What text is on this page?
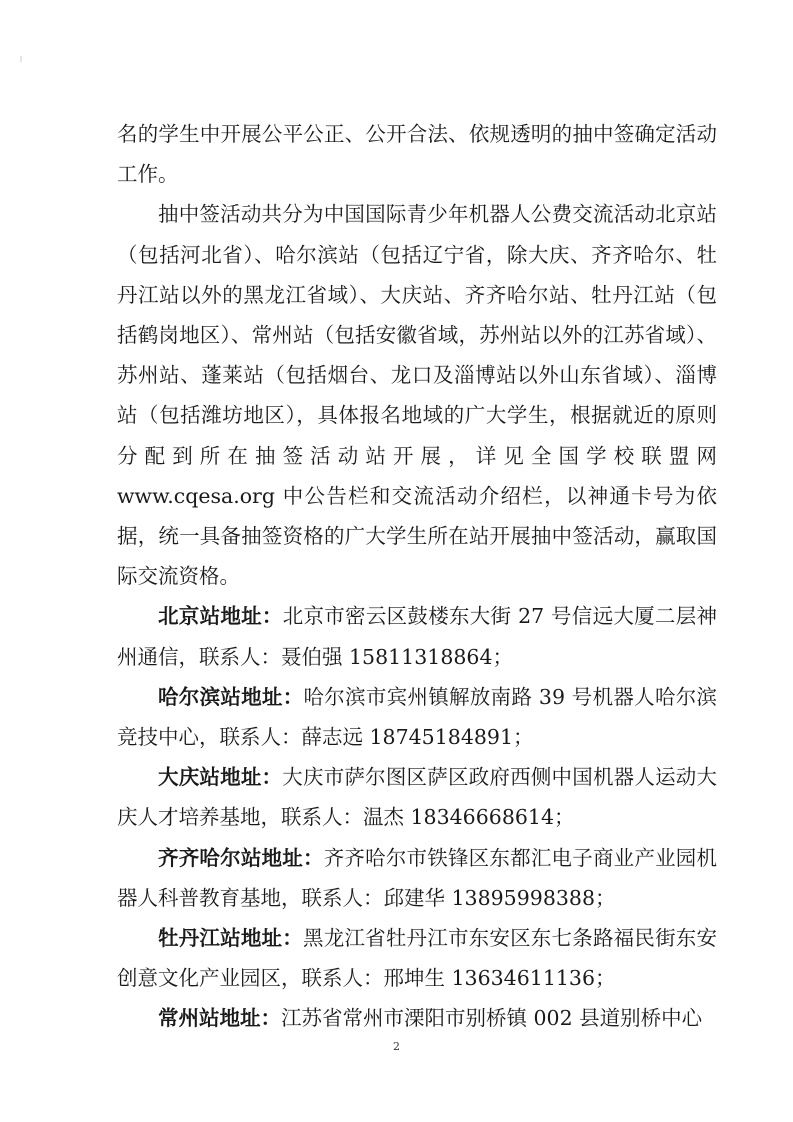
名的学生中开展公平公正、公开合法、依规透明的抽中签确定活动工作。

抽中签活动共分为中国国际青少年机器人公费交流活动北京站（包括河北省）、哈尔滨站（包括辽宁省，除大庆、齐齐哈尔、牡丹江站以外的黑龙江省域）、大庆站、齐齐哈尔站、牡丹江站（包括鹤岗地区）、常州站（包括安徽省域，苏州站以外的江苏省域）、苏州站、蓬莱站（包括烟台、龙口及淄博站以外山东省域）、淄博站（包括潍坊地区），具体报名地域的广大学生，根据就近的原则分配到所在抽签活动站开展，详见全国学校联盟网 www.cqesa.org 中公告栏和交流活动介绍栏，以神通卡号为依据，统一具备抽签资格的广大学生所在站开展抽中签活动，赢取国际交流资格。

北京站地址：北京市密云区鼓楼东大街 27 号信远大厦二层神州通信，联系人：聂伯强 15811318864；

哈尔滨站地址：哈尔滨市宾州镇解放南路 39 号机器人哈尔滨竞技中心，联系人：薛志远 18745184891；

大庆站地址：大庆市萨尔图区萨区政府西侧中国机器人运动大庆人才培养基地，联系人：温杰 18346668614；

齐齐哈尔站地址：齐齐哈尔市铁锋区东都汇电子商业产业园机器人科普教育基地，联系人：邱建华 13895998388；

牡丹江站地址：黑龙江省牡丹江市东安区东七条路福民街东安创意文化产业园区，联系人：邢坤生 13634611136；

常州站地址：江苏省常州市溧阳市别桥镇 002 县道别桥中心

2
